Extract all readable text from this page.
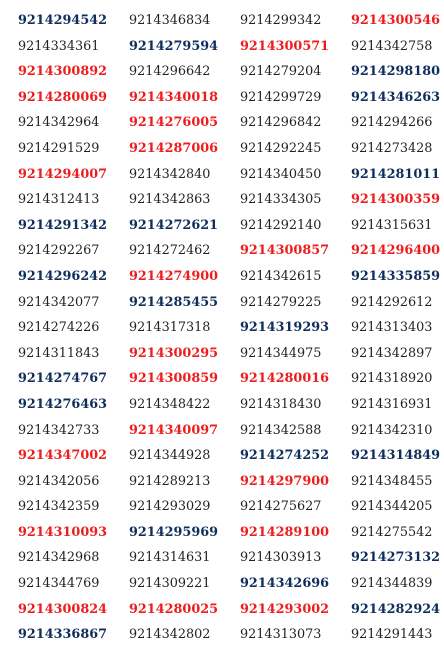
9214294542	9214346834	9214299342	9214300546
9214334361	9214279594	9214300571	9214342758
9214300892	9214296642	9214279204	9214298180
9214280069	9214340018	9214299729	9214346263
9214342964	9214276005	9214296842	9214294266
9214291529	9214287006	9214292245	9214273428
9214294007	9214342840	9214340450	9214281011
9214312413	9214342863	9214334305	9214300359
9214291342	9214272621	9214292140	9214315631
9214292267	9214272462	9214300857	9214296400
9214296242	9214274900	9214342615	9214335859
9214342077	9214285455	9214279225	9214292612
9214274226	9214317318	9214319293	9214313403
9214311843	9214300295	9214344975	9214342897
9214274767	9214300859	9214280016	9214318920
9214276463	9214348422	9214318430	9214316931
9214342733	9214340097	9214342588	9214342310
9214347002	9214344928	9214274252	9214314849
9214342056	9214289213	9214297900	9214348455
9214342359	9214293029	9214275627	9214344205
9214310093	9214295969	9214289100	9214275542
9214342968	9214314631	9214303913	9214273132
9214344769	9214309221	9214342696	9214344839
9214300824	9214280025	9214293002	9214282924
9214336867	9214342802	9214313073	9214291443
